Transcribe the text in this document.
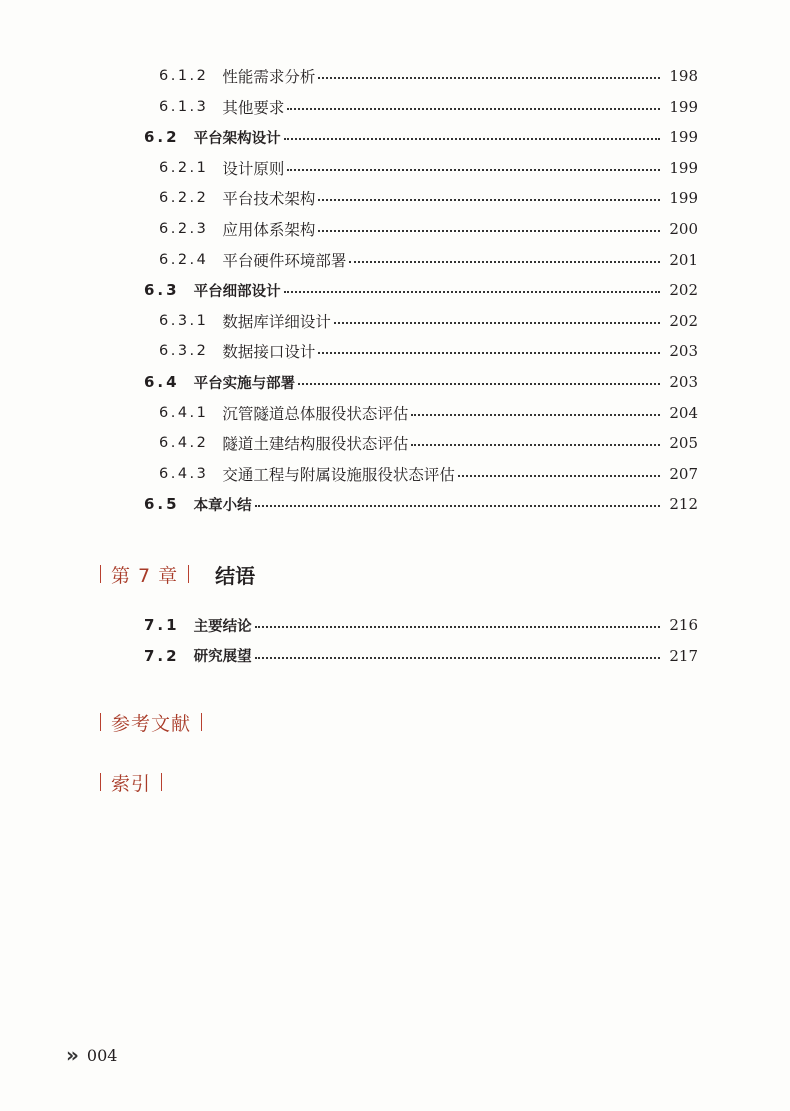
6.1.2 性能需求分析	198
6.1.3 其他要求	199
6.2 平台架构设计	199
6.2.1 设计原则	199
6.2.2 平台技术架构	199
6.2.3 应用体系架构	200
6.2.4 平台硬件环境部署	201
6.3 平台细部设计	202
6.3.1 数据库详细设计	202
6.3.2 数据接口设计	203
6.4 平台实施与部署	203
6.4.1 沉管隧道总体服役状态评估	204
6.4.2 隧道土建结构服役状态评估	205
6.4.3 交通工程与附属设施服役状态评估	207
6.5 本章小结	212
第 7 章	结语
7.1 主要结论	216
7.2 研究展望	217
参考文献
索引
» 004
